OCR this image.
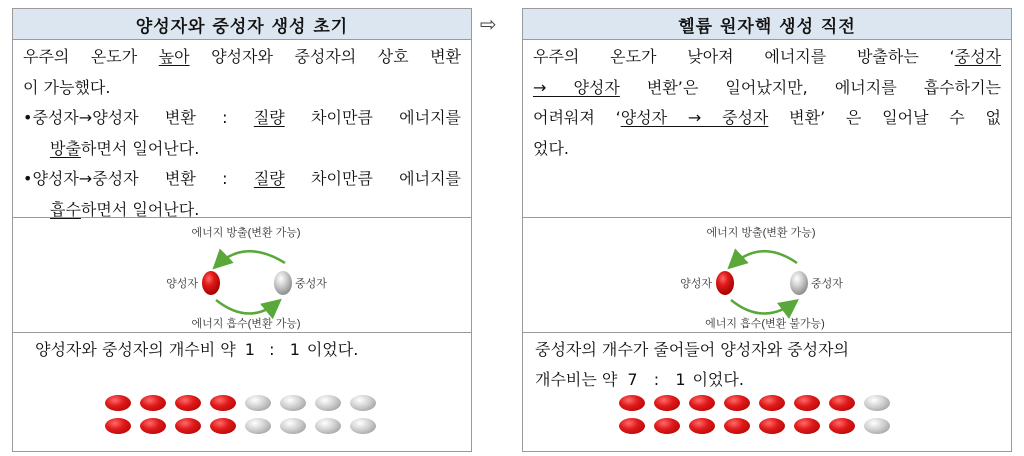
양성자와 중성자 생성 초기
우주의 온도가 높아 양성자와 중성자의 상호 변환
이 가능했다.
•중성자→양성자 변환 : 질량 차이만큼 에너지를
방출하면서 일어난다.
•양성자→중성자 변환 : 질량 차이만큼 에너지를
흡수하면서 일어난다.
에너지 방출(변환 가능)
양성자	중성자
에너지 흡수(변환 가능)
양성자와 중성자의 개수비 약 1 : 1 이었다.
⇨	헬륨 원자핵 생성 직전
우주의 온도가 낮아져 에너지를 방출하는 ‘중성자
→ 양성자 변환’은 일어났지만, 에너지를 흡수하기는
어려워져 ‘양성자 → 중성자 변환’ 은 일어날 수 없
었다.
에너지 방출(변환 가능)
양성자	중성자
에너지 흡수(변환 불가능)
중성자의 개수가 줄어들어 양성자와 중성자의
개수비는 약 7 : 1 이었다.
